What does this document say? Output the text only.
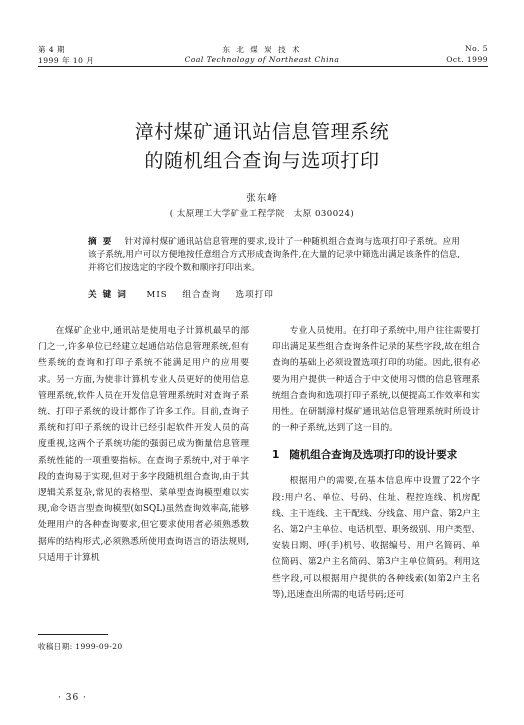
第 4 期
1999 年 10 月
东 北 煤 炭 技 术
Coal Technology of Northeast China
No. 5
Oct. 1999
漳村煤矿通讯站信息管理系统
的随机组合查询与选项打印
张东峰
( 太原理工大学矿业工程学院　太原 030024)
摘要 针对漳村煤矿通讯站信息管理的要求,设计了一种随机组合查询与选项打印子系统。应用该子系统,用户可以方便地按任意组合方式形成查询条件,在大量的记录中筛选出满足该条件的信息,并将它们按选定的字段个数和顺序打印出来。
关键词 MIS 组合查询 选项打印

在煤矿企业中,通讯站是使用电子计算机最早的部门之一,许多单位已经建立起通信站信息管理系统,但有些系统的查询和打印子系统不能满足用户的应用要求。另一方面,为使非计算机专业人员更好的使用信息管理系统,软件人员在开发信息管理系统时对查询子系统、打印子系统的设计都作了许多工作。目前,查询子系统和打印子系统的设计已经引起软件开发人员的高度重视,这两个子系统功能的强弱已成为衡量信息管理系统性能的一项重要指标。在查询子系统中,对于单字段的查询易于实现,但对于多字段随机组合查询,由于其逻辑关系复杂,常见的表格型、菜单型查询模型难以实现,命令语言型查询模型(如SQL)虽然查询效率高,能够处理用户的各种查询要求,但它要求使用者必须熟悉数据库的结构形式,必须熟悉所使用查询语言的语法规则,只适用于计算机

专业人员使用。在打印子系统中,用户往往需要打印出满足某些组合查询条件记录的某些字段,故在组合查询的基础上必须设置选项打印的功能。因此,很有必要为用户提供一种适合于中文使用习惯的信息管理系统组合查询和选项打印子系统,以便提高工作效率和实用性。在研制漳村煤矿通讯站信息管理系统时所设计的一种子系统,达到了这一目的。

1 随机组合查询及选项打印的设计要求

根据用户的需要,在基本信息库中设置了22个字段:用户名、单位、号码、住址、程控连线、机房配线、主干连线、主干配线、分线盒、用户盒、第2户主名、第2户主单位、电话机型、职务级别、用户类型、安装日期、呼(手)机号、收据编号、用户名简码、单位简码、第2户主名简码、第3户主单位简码。利用这些字段,可以根据用户提供的各种线索(如第2户主名等),迅速查出所需的电话号码;还可

收稿日期: 1999-09-20
· 36 ·
